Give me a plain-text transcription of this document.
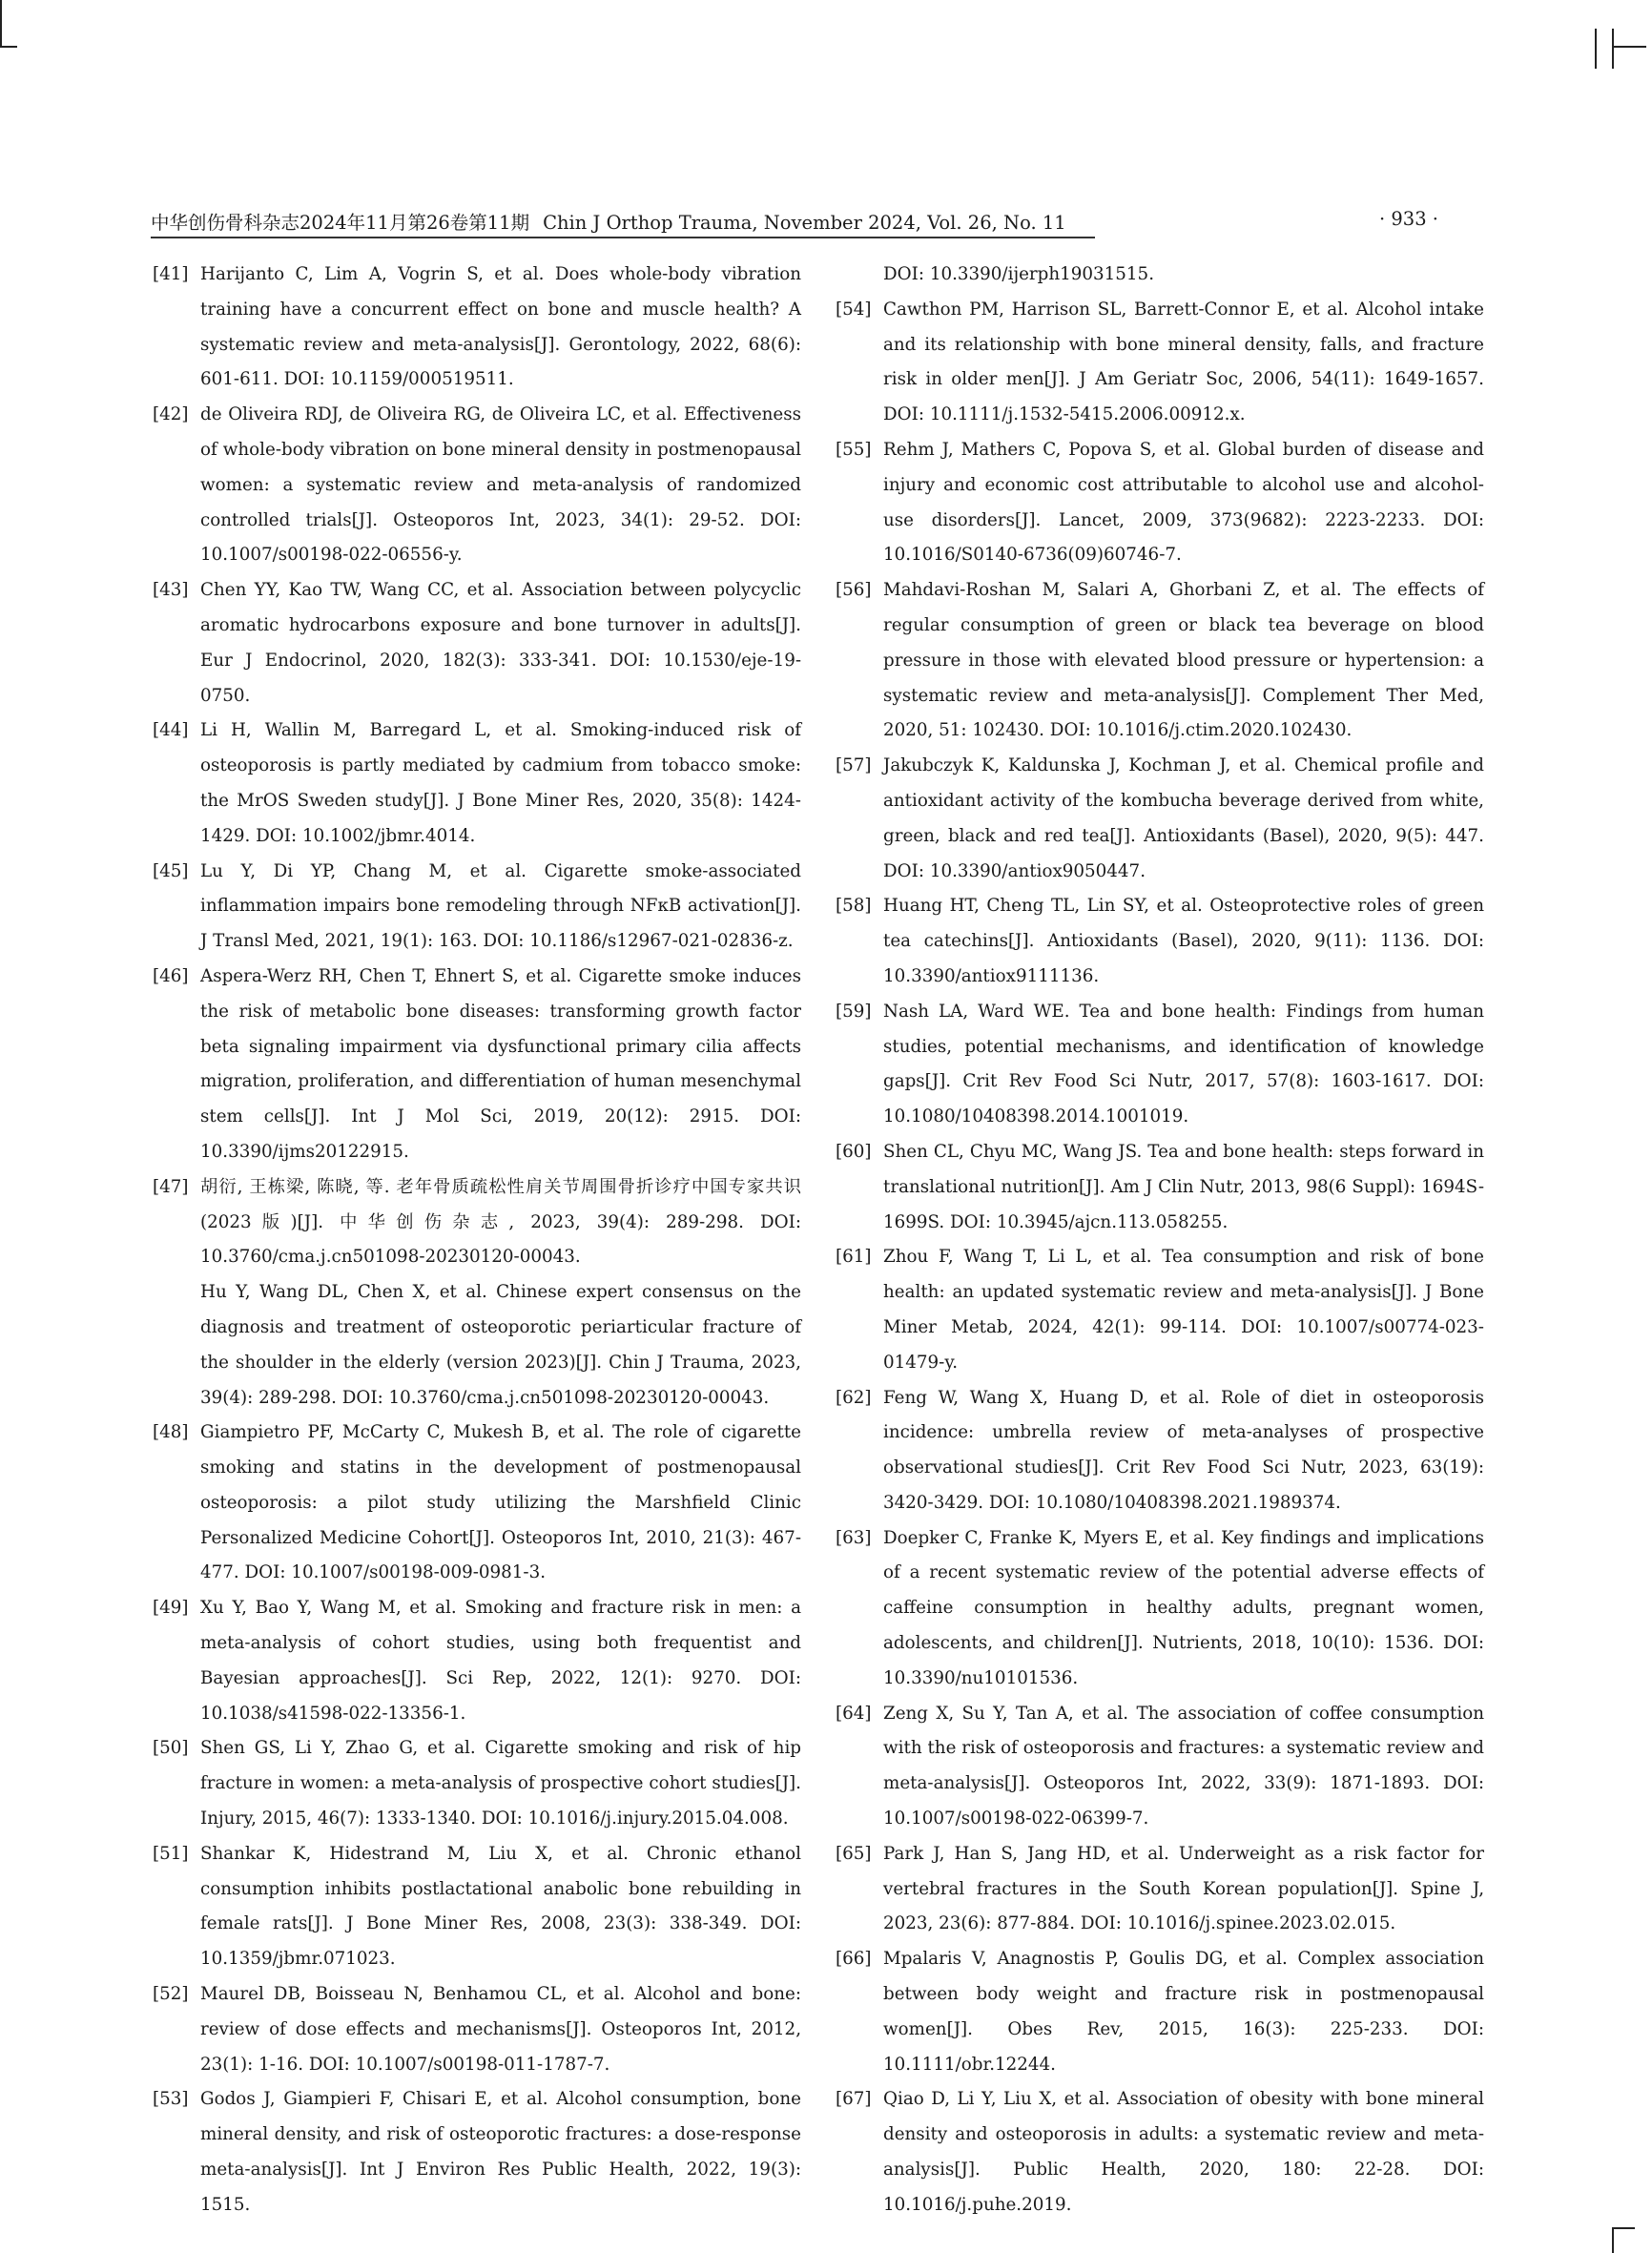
中华创伤骨科杂志2024年11月第26卷第11期 Chin J Orthop Trauma, November 2024, Vol. 26, No. 11	· 933 ·
[41] Harijanto C, Lim A, Vogrin S, et al. Does whole-body vibration training have a concurrent effect on bone and muscle health? A systematic review and meta-analysis[J]. Gerontology, 2022, 68(6): 601-611. DOI: 10.1159/000519511.
[42] de Oliveira RDJ, de Oliveira RG, de Oliveira LC, et al. Effectiveness of whole-body vibration on bone mineral density in postmenopausal women: a systematic review and meta-analysis of randomized controlled trials[J]. Osteoporos Int, 2023, 34(1): 29-52. DOI: 10.1007/s00198-022-06556-y.
[43] Chen YY, Kao TW, Wang CC, et al. Association between polycyclic aromatic hydrocarbons exposure and bone turnover in adults[J]. Eur J Endocrinol, 2020, 182(3): 333-341. DOI: 10.1530/eje-19-0750.
[44] Li H, Wallin M, Barregard L, et al. Smoking-induced risk of osteoporosis is partly mediated by cadmium from tobacco smoke: the MrOS Sweden study[J]. J Bone Miner Res, 2020, 35(8): 1424-1429. DOI: 10.1002/jbmr.4014.
[45] Lu Y, Di YP, Chang M, et al. Cigarette smoke-associated inflammation impairs bone remodeling through NFκB activation[J]. J Transl Med, 2021, 19(1): 163. DOI: 10.1186/s12967-021-02836-z.
[46] Aspera-Werz RH, Chen T, Ehnert S, et al. Cigarette smoke induces the risk of metabolic bone diseases: transforming growth factor beta signaling impairment via dysfunctional primary cilia affects migration, proliferation, and differentiation of human mesenchymal stem cells[J]. Int J Mol Sci, 2019, 20(12): 2915. DOI: 10.3390/ijms20122915.
[47] 胡衍, 王栋梁, 陈晓, 等. 老年骨质疏松性肩关节周围骨折诊疗中国专家共识(2023版)[J]. 中华创伤杂志, 2023, 39(4): 289-298. DOI: 10.3760/cma.j.cn501098-20230120-00043.
Hu Y, Wang DL, Chen X, et al. Chinese expert consensus on the diagnosis and treatment of osteoporotic periarticular fracture of the shoulder in the elderly (version 2023)[J]. Chin J Trauma, 2023, 39(4): 289-298. DOI: 10.3760/cma.j.cn501098-20230120-00043.
[48] Giampietro PF, McCarty C, Mukesh B, et al. The role of cigarette smoking and statins in the development of postmenopausal osteoporosis: a pilot study utilizing the Marshfield Clinic Personalized Medicine Cohort[J]. Osteoporos Int, 2010, 21(3): 467-477. DOI: 10.1007/s00198-009-0981-3.
[49] Xu Y, Bao Y, Wang M, et al. Smoking and fracture risk in men: a meta-analysis of cohort studies, using both frequentist and Bayesian approaches[J]. Sci Rep, 2022, 12(1): 9270. DOI: 10.1038/s41598-022-13356-1.
[50] Shen GS, Li Y, Zhao G, et al. Cigarette smoking and risk of hip fracture in women: a meta-analysis of prospective cohort studies[J]. Injury, 2015, 46(7): 1333-1340. DOI: 10.1016/j.injury.2015.04.008.
[51] Shankar K, Hidestrand M, Liu X, et al. Chronic ethanol consumption inhibits postlactational anabolic bone rebuilding in female rats[J]. J Bone Miner Res, 2008, 23(3): 338-349. DOI: 10.1359/jbmr.071023.
[52] Maurel DB, Boisseau N, Benhamou CL, et al. Alcohol and bone: review of dose effects and mechanisms[J]. Osteoporos Int, 2012, 23(1): 1-16. DOI: 10.1007/s00198-011-1787-7.
[53] Godos J, Giampieri F, Chisari E, et al. Alcohol consumption, bone mineral density, and risk of osteoporotic fractures: a dose-response meta-analysis[J]. Int J Environ Res Public Health, 2022, 19(3): 1515.
DOI: 10.3390/ijerph19031515.
[54] Cawthon PM, Harrison SL, Barrett-Connor E, et al. Alcohol intake and its relationship with bone mineral density, falls, and fracture risk in older men[J]. J Am Geriatr Soc, 2006, 54(11): 1649-1657. DOI: 10.1111/j.1532-5415.2006.00912.x.
[55] Rehm J, Mathers C, Popova S, et al. Global burden of disease and injury and economic cost attributable to alcohol use and alcohol-use disorders[J]. Lancet, 2009, 373(9682): 2223-2233. DOI: 10.1016/S0140-6736(09)60746-7.
[56] Mahdavi-Roshan M, Salari A, Ghorbani Z, et al. The effects of regular consumption of green or black tea beverage on blood pressure in those with elevated blood pressure or hypertension: a systematic review and meta-analysis[J]. Complement Ther Med, 2020, 51: 102430. DOI: 10.1016/j.ctim.2020.102430.
[57] Jakubczyk K, Kaldunska J, Kochman J, et al. Chemical profile and antioxidant activity of the kombucha beverage derived from white, green, black and red tea[J]. Antioxidants (Basel), 2020, 9(5): 447. DOI: 10.3390/antiox9050447.
[58] Huang HT, Cheng TL, Lin SY, et al. Osteoprotective roles of green tea catechins[J]. Antioxidants (Basel), 2020, 9(11): 1136. DOI: 10.3390/antiox9111136.
[59] Nash LA, Ward WE. Tea and bone health: Findings from human studies, potential mechanisms, and identification of knowledge gaps[J]. Crit Rev Food Sci Nutr, 2017, 57(8): 1603-1617. DOI: 10.1080/10408398.2014.1001019.
[60] Shen CL, Chyu MC, Wang JS. Tea and bone health: steps forward in translational nutrition[J]. Am J Clin Nutr, 2013, 98(6 Suppl): 1694S-1699S. DOI: 10.3945/ajcn.113.058255.
[61] Zhou F, Wang T, Li L, et al. Tea consumption and risk of bone health: an updated systematic review and meta-analysis[J]. J Bone Miner Metab, 2024, 42(1): 99-114. DOI: 10.1007/s00774-023-01479-y.
[62] Feng W, Wang X, Huang D, et al. Role of diet in osteoporosis incidence: umbrella review of meta-analyses of prospective observational studies[J]. Crit Rev Food Sci Nutr, 2023, 63(19): 3420-3429. DOI: 10.1080/10408398.2021.1989374.
[63] Doepker C, Franke K, Myers E, et al. Key findings and implications of a recent systematic review of the potential adverse effects of caffeine consumption in healthy adults, pregnant women, adolescents, and children[J]. Nutrients, 2018, 10(10): 1536. DOI: 10.3390/nu10101536.
[64] Zeng X, Su Y, Tan A, et al. The association of coffee consumption with the risk of osteoporosis and fractures: a systematic review and meta-analysis[J]. Osteoporos Int, 2022, 33(9): 1871-1893. DOI: 10.1007/s00198-022-06399-7.
[65] Park J, Han S, Jang HD, et al. Underweight as a risk factor for vertebral fractures in the South Korean population[J]. Spine J, 2023, 23(6): 877-884. DOI: 10.1016/j.spinee.2023.02.015.
[66] Mpalaris V, Anagnostis P, Goulis DG, et al. Complex association between body weight and fracture risk in postmenopausal women[J]. Obes Rev, 2015, 16(3): 225-233. DOI: 10.1111/obr.12244.
[67] Qiao D, Li Y, Liu X, et al. Association of obesity with bone mineral density and osteoporosis in adults: a systematic review and meta-analysis[J]. Public Health, 2020, 180: 22-28. DOI: 10.1016/j.puhe.2019.
